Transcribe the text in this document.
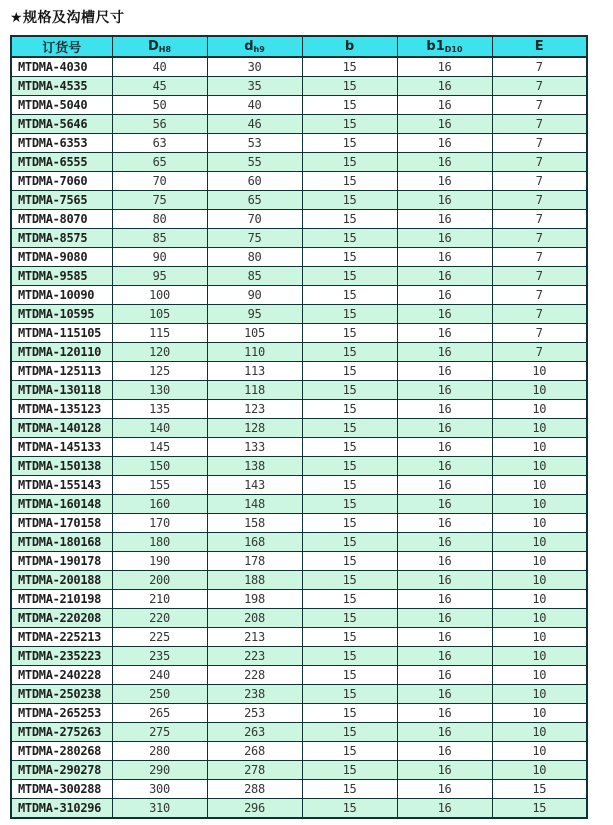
★规格及沟槽尺寸
订货号	$D_{H8}$	$d_{h9}$	b	$b1_{D10}$	E
MTDMA-4030	40	30	15	16	7
MTDMA-4535	45	35	15	16	7
MTDMA-5040	50	40	15	16	7
MTDMA-5646	56	46	15	16	7
MTDMA-6353	63	53	15	16	7
MTDMA-6555	65	55	15	16	7
MTDMA-7060	70	60	15	16	7
MTDMA-7565	75	65	15	16	7
MTDMA-8070	80	70	15	16	7
MTDMA-8575	85	75	15	16	7
MTDMA-9080	90	80	15	16	7
MTDMA-9585	95	85	15	16	7
MTDMA-10090	100	90	15	16	7
MTDMA-10595	105	95	15	16	7
MTDMA-115105	115	105	15	16	7
MTDMA-120110	120	110	15	16	7
MTDMA-125113	125	113	15	16	10
MTDMA-130118	130	118	15	16	10
MTDMA-135123	135	123	15	16	10
MTDMA-140128	140	128	15	16	10
MTDMA-145133	145	133	15	16	10
MTDMA-150138	150	138	15	16	10
MTDMA-155143	155	143	15	16	10
MTDMA-160148	160	148	15	16	10
MTDMA-170158	170	158	15	16	10
MTDMA-180168	180	168	15	16	10
MTDMA-190178	190	178	15	16	10
MTDMA-200188	200	188	15	16	10
MTDMA-210198	210	198	15	16	10
MTDMA-220208	220	208	15	16	10
MTDMA-225213	225	213	15	16	10
MTDMA-235223	235	223	15	16	10
MTDMA-240228	240	228	15	16	10
MTDMA-250238	250	238	15	16	10
MTDMA-265253	265	253	15	16	10
MTDMA-275263	275	263	15	16	10
MTDMA-280268	280	268	15	16	10
MTDMA-290278	290	278	15	16	10
MTDMA-300288	300	288	15	16	15
MTDMA-310296	310	296	15	16	15
